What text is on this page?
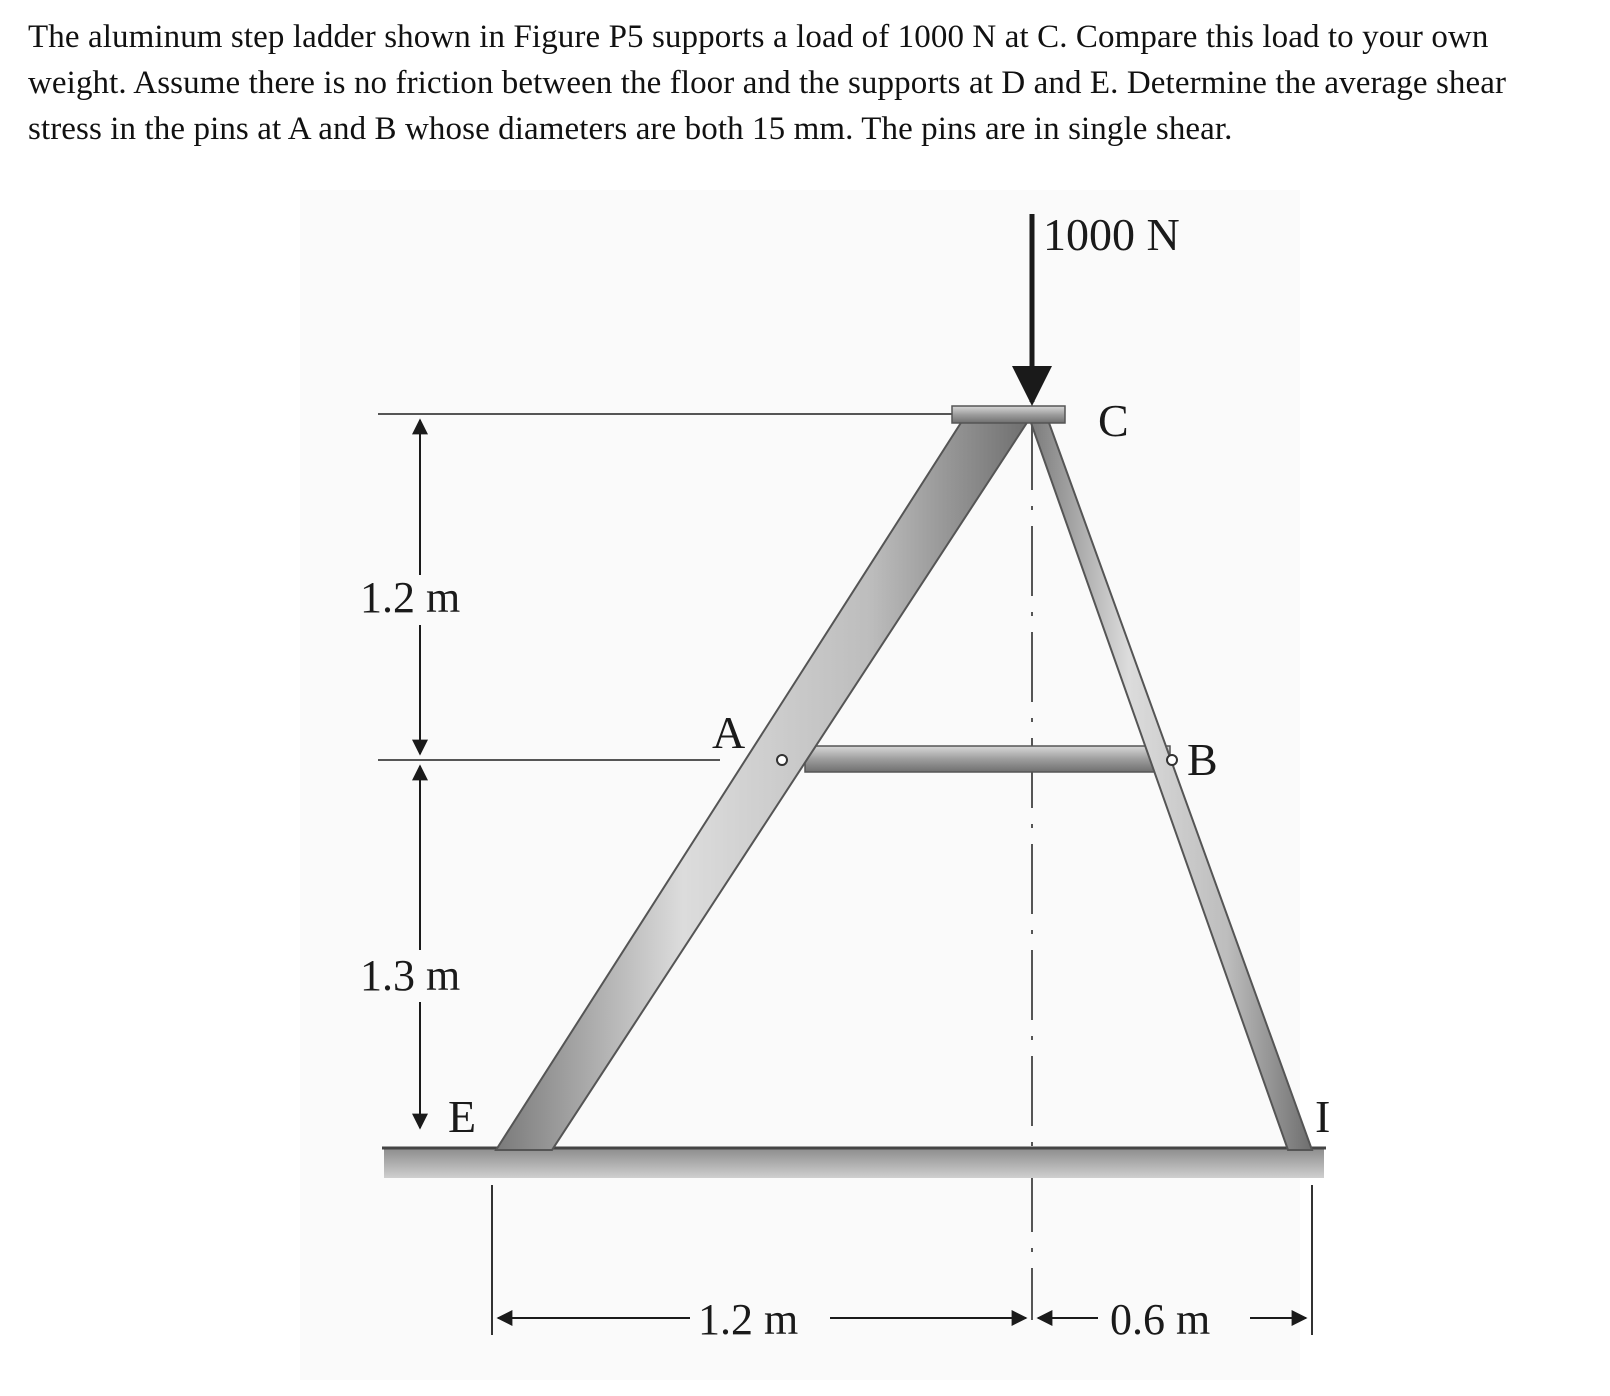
The aluminum step ladder shown in Figure P5 supports a load of 1000 N at C. Compare this load to your own weight. Assume there is no friction between the floor and the supports at D and E. Determine the average shear stress in the pins at A and B whose diameters are both 15 mm. The pins are in single shear.
1000 N
C
A
B
E	I
1.2 m
1.3 m
1.2 m	0.6 m
